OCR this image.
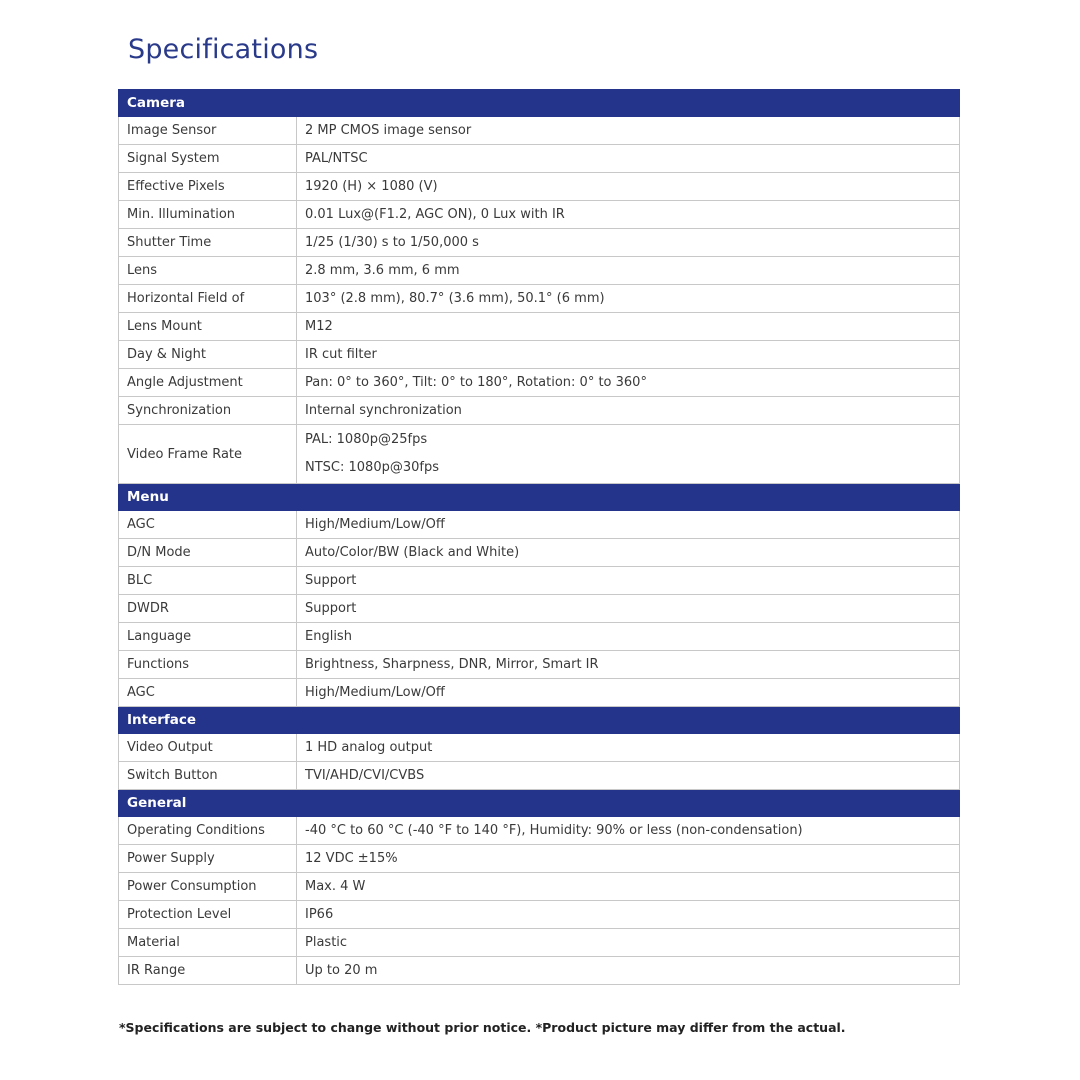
Specifications
Camera	
Image Sensor	2 MP CMOS image sensor
Signal System	PAL/NTSC
Effective Pixels	1920 (H) × 1080 (V)
Min. Illumination	0.01 Lux@(F1.2, AGC ON), 0 Lux with IR
Shutter Time	1/25 (1/30) s to 1/50,000 s
Lens	2.8 mm, 3.6 mm, 6 mm
Horizontal Field of	103° (2.8 mm), 80.7° (3.6 mm), 50.1° (6 mm)
Lens Mount	M12
Day & Night	IR cut filter
Angle Adjustment	Pan: 0° to 360°, Tilt: 0° to 180°, Rotation: 0° to 360°
Synchronization	Internal synchronization
Video Frame Rate	PAL: 1080p@25fps
NTSC: 1080p@30fps

Menu	
AGC	High/Medium/Low/Off
D/N Mode	Auto/Color/BW (Black and White)
BLC	Support
DWDR	Support
Language	English
Functions	Brightness, Sharpness, DNR, Mirror, Smart IR
AGC	High/Medium/Low/Off
Interface	
Video Output	1 HD analog output
Switch Button	TVI/AHD/CVI/CVBS
General	
Operating Conditions	-40 °C to 60 °C (-40 °F to 140 °F), Humidity: 90% or less (non-condensation)
Power Supply	12 VDC ±15%
Power Consumption	Max. 4 W
Protection Level	IP66
Material	Plastic
IR Range	Up to 20 m
*Specifications are subject to change without prior notice. *Product picture may differ from the actual.
